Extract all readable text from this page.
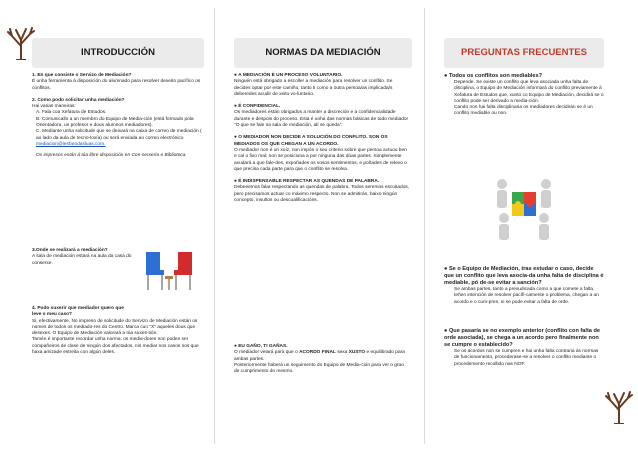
INTRODUCCIÓN	NORMAS DA MEDIACIÓN	PREGUNTAS FRECUENTES
1. En que consiste o Servizo de Mediación?
É unha ferramenta á disposición do alumnado para resolver dexeito pacífico os conflitos.
2. Como podo solicitar unha mediación?
Hai varias maneiras:
A. Fala coa Xefatura de Estudos.
B. Comunicallo a un membro do Equipo de Media-ción (está formado pola Orientadora, un profesor e dous alumnos mediadores).
C. Mediante unha solicitude que se deixará na caixa de correo de mediación ( ao lado da aula de tecno-loxía) ou será enviada ao correo electrónico mediacion@iesfarodasluas.com.
Os impresos están á túa libre disposición en Con-serxería e Biblioteca.
3.Onde se realizará a mediación?
A sala de mediación estará na aula da casa do conserxe.
4. Podo suxerir que mediador quero que leve o meu caso?
Si, efectivamente. No impreso de solicitude do Servizo de Mediación están os nomes de todos os mediado-res do Centro. Marca cun "X" aqueles dous que desexes. O Equipo de Mediación valorará a túa suxes-tión.
Tamén é importante recordar unha norma: os media-dores non poden ser compañeiros de clase de ningún dos afectados, nin mediar nos casos nos que haxa amizade estreita con algún deles.
● A MEDIACIÓN É UN PROCESO VOLUNTARIO.
Ninguén está obrigado a escoller a mediación para resolver un conflito. Se decides optar por este camiño, tanto ti como a outra persoa/as implicada/s deberedes acudir de xeito vo-luntario.
● É CONFIDENCIAL.
Os mediadores están obrigados a manter a discreción e a confidencialidade durante e despois do proceso. Esta é unha das normas básicas de todo mediador "O que se fale na sala de mediación, alí se queda".
● O MEDIADOR NON DECIDE A SOLUCIÓN DO CONFLITO. SON OS MEDIADOS OS QUE CHEGAN A UN ACORDO.
O mediador non é un xuíz, non impón o seu criterio sobre que persoa actuou ben e cal o fixo mal; non se posiciona a por ninguna das dúas partes. Simplemente axudará a que fale-des, expoñades os vosos sentimentos, e poñades de relevo o que precisa cada parte para que o conflito se resolva.
● É INDISPENSABLE RESPECTAR AS QUENDAS DE PALABRA.
Debeeemos falar respectando as quendas de palabra. Todos seremos escoitados, pero precisamos actuar co máximo respecto. Non se admitirán, baixo ningún concepto, insultos ou descualificacións.
● EU GAÑO, TI GAÑAS.
O mediador velará para que o ACORDO FINAL sexa XUSTO e equilibrado para ambas partes.
Posteriormente haberá un seguimento do Equipo de Media-ción para ver o grao de cumprimento do mesmo.
● Todos os conflitos son mediables?
Depende. Se existe un conflito que leva asociada unha falta de disciplina, o Equipo de Mediación informará do conflito previamente á Xefatura de Estudos que, xunto co Equipo de Mediación, decidirá se o conflito pode ser derivado a media-ción.
Cando non hai falta disciplinaria os mediadores decidirán se é un conflito mediable ou non.
● Se o Equipo de Mediación, tras estudar o caso, decide que un conflito que leva asocia-da unha falta de disciplina é mediable, pó de-se evitar a sanción?
Se ambas partes, tanto a prexudicada como a que comete a falta, teñen intención de resolver pacífi-camente o problema, chegan a un acordo e o cum-pren, si se pode evitar a falta de orde.
● Que pasaría se no exemplo anterior (conflito con falta de orde asociada), se chega a un acordo pero finalmente non se cumpre o establecido?
Se os acordos non se cumpren e hai unha falta contraria ás normas de funcionamento, procederase-se a resolver o conflito mediante o procedemento recollido nas NOF.
